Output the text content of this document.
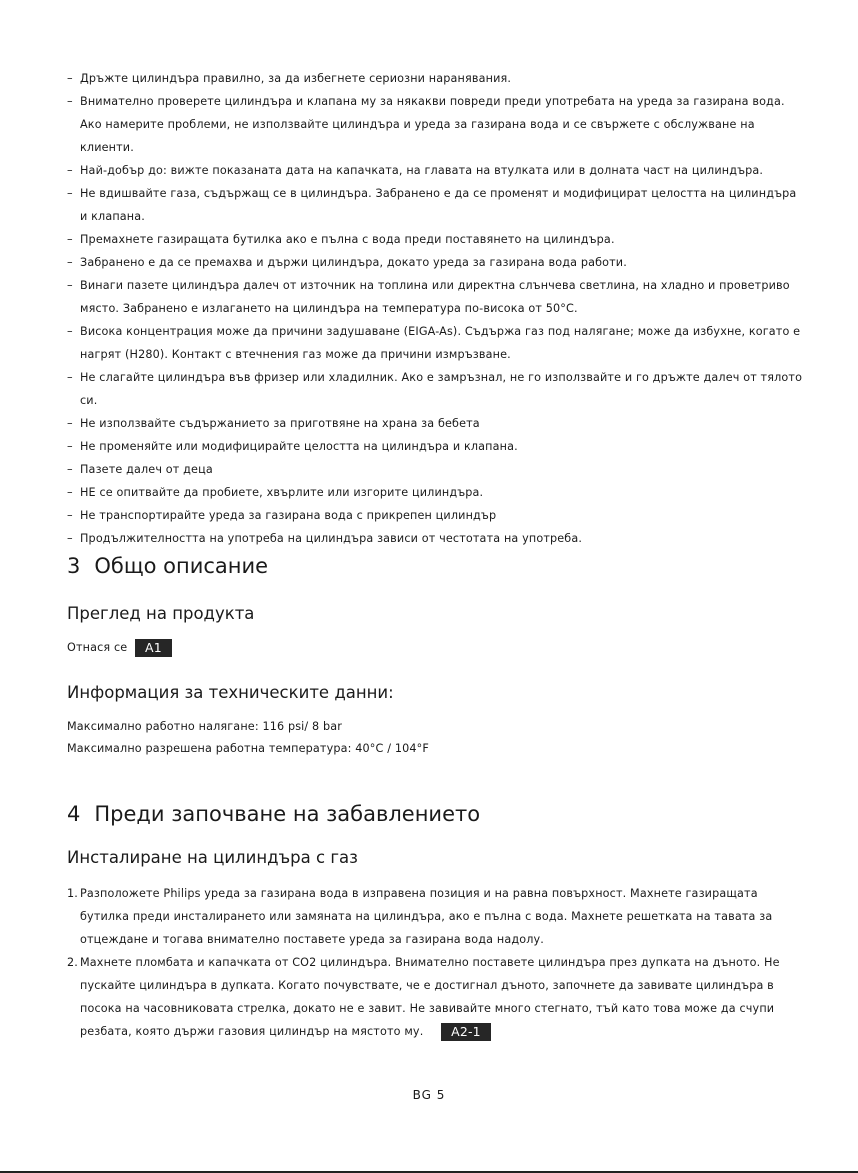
– Дръжте цилиндъра правилно, за да избегнете сериозни наранявания.
– Внимателно проверете цилиндъра и клапана му за някакви повреди преди употребата на уреда за газирана вода. Ако намерите проблеми, не използвайте цилиндъра и уреда за газирана вода и се свържете с обслужване на клиенти.
– Най-добър до: вижте показаната дата на капачката, на главата на втулката или в долната част на цилиндъра.
– Не вдишвайте газа, съдържащ се в цилиндъра. Забранено е да се променят и модифицират целостта на цилиндъра и клапана.
– Премахнете газиращата бутилка ако е пълна с вода преди поставянето на цилиндъра.
– Забранено е да се премахва и държи цилиндъра, докато уреда за газирана вода работи.
– Винаги пазете цилиндъра далеч от източник на топлина или директна слънчева светлина, на хладно и проветриво място. Забранено е излагането на цилиндъра на температура по-висока от 50°C.
– Висока концентрация може да причини задушаване (EIGA-As). Съдържа газ под налягане; може да избухне, когато е нагрят (H280). Контакт с втечнения газ може да причини измръзване.
– Не слагайте цилиндъра във фризер или хладилник. Ако е замръзнал, не го използвайте и го дръжте далеч от тялото си.
– Не използвайте съдържанието за приготвяне на храна за бебета
– Не променяйте или модифицирайте целостта на цилиндъра и клапана.
– Пазете далеч от деца
– НЕ се опитвайте да пробиете, хвърлите или изгорите цилиндъра.
– Не транспортирайте уреда за газирана вода с прикрепен цилиндър
– Продължителността на употреба на цилиндъра зависи от честотата на употреба.
3 Общо описание
Преглед на продукта
Отнася се A1
Информация за техническите данни:
Максимално работно налягане: 116 psi/ 8 bar
Максимално разрешена работна температура: 40°C / 104°F
4 Преди започване на забавлението
Инсталиране на цилиндъра с газ
1. Разположете Philips уреда за газирана вода в изправена позиция и на равна повърхност. Махнете газиращата бутилка преди инсталирането или замяната на цилиндъра, ако е пълна с вода. Махнете решетката на тавата за отцеждане и тогава внимателно поставете уреда за газирана вода надолу.
2. Махнете пломбата и капачката от CO2 цилиндъра. Внимателно поставете цилиндъра през дупката на дъното. Не пускайте цилиндъра в дупката. Когато почувствате, че е достигнал дъното, започнете да завивате цилиндъра в посока на часовниковата стрелка, докато не е завит. Не завивайте много стегнато, тъй като това може да счупи резбата, която държи газовия цилиндър на мястото му. A2-1
BG 5
